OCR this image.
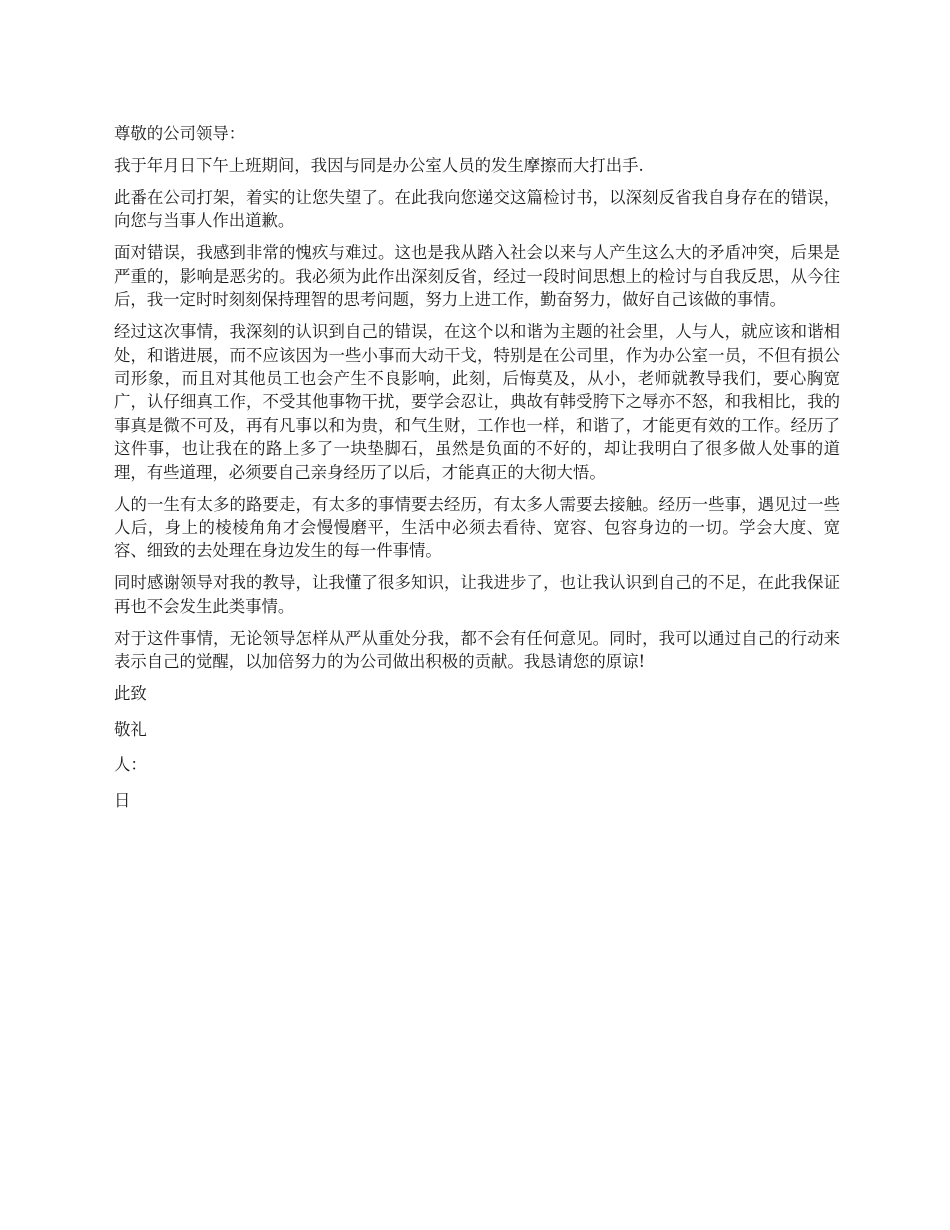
尊敬的公司领导：

我于年月日下午上班期间，我因与同是办公室人员的发生摩擦而大打出手.

此番在公司打架，着实的让您失望了。在此我向您递交这篇检讨书，以深刻反省我自身存在的错误，向您与当事人作出道歉。

面对错误，我感到非常的愧疚与难过。这也是我从踏入社会以来与人产生这么大的矛盾冲突，后果是严重的，影响是恶劣的。我必须为此作出深刻反省，经过一段时间思想上的检讨与自我反思，从今往后，我一定时时刻刻保持理智的思考问题，努力上进工作，勤奋努力，做好自己该做的事情。

经过这次事情，我深刻的认识到自己的错误，在这个以和谐为主题的社会里，人与人，就应该和谐相处，和谐进展，而不应该因为一些小事而大动干戈，特别是在公司里，作为办公室一员，不但有损公司形象，而且对其他员工也会产生不良影响，此刻，后悔莫及，从小，老师就教导我们，要心胸宽广，认仔细真工作，不受其他事物干扰，要学会忍让，典故有韩受胯下之辱亦不怒，和我相比，我的事真是微不可及，再有凡事以和为贵，和气生财，工作也一样，和谐了，才能更有效的工作。经历了这件事，也让我在的路上多了一块垫脚石，虽然是负面的不好的，却让我明白了很多做人处事的道理，有些道理，必须要自己亲身经历了以后，才能真正的大彻大悟。

人的一生有太多的路要走，有太多的事情要去经历，有太多人需要去接触。经历一些事，遇见过一些人后，身上的棱棱角角才会慢慢磨平，生活中必须去看待、宽容、包容身边的一切。学会大度、宽容、细致的去处理在身边发生的每一件事情。

同时感谢领导对我的教导，让我懂了很多知识，让我进步了，也让我认识到自己的不足，在此我保证再也不会发生此类事情。

对于这件事情，无论领导怎样从严从重处分我，都不会有任何意见。同时，我可以通过自己的行动来表示自己的觉醒，以加倍努力的为公司做出积极的贡献。我恳请您的原谅!

此致

敬礼

人：

日
